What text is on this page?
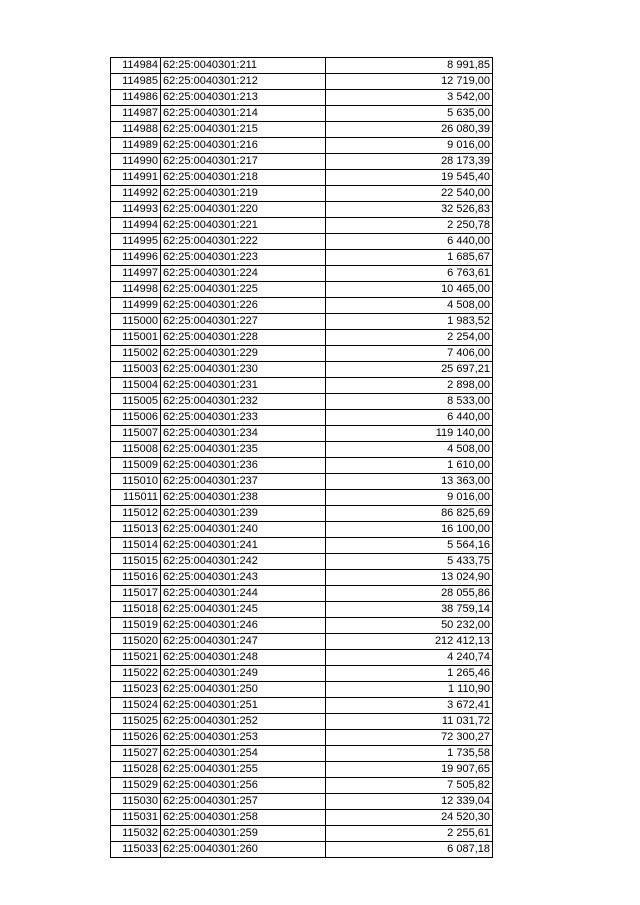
114984	62:25:0040301:211	8 991,85
114985	62:25:0040301:212	12 719,00
114986	62:25:0040301:213	3 542,00
114987	62:25:0040301:214	5 635,00
114988	62:25:0040301:215	26 080,39
114989	62:25:0040301:216	9 016,00
114990	62:25:0040301:217	28 173,39
114991	62:25:0040301:218	19 545,40
114992	62:25:0040301:219	22 540,00
114993	62:25:0040301:220	32 526,83
114994	62:25:0040301:221	2 250,78
114995	62:25:0040301:222	6 440,00
114996	62:25:0040301:223	1 685,67
114997	62:25:0040301:224	6 763,61
114998	62:25:0040301:225	10 465,00
114999	62:25:0040301:226	4 508,00
115000	62:25:0040301:227	1 983,52
115001	62:25:0040301:228	2 254,00
115002	62:25:0040301:229	7 406,00
115003	62:25:0040301:230	25 697,21
115004	62:25:0040301:231	2 898,00
115005	62:25:0040301:232	8 533,00
115006	62:25:0040301:233	6 440,00
115007	62:25:0040301:234	119 140,00
115008	62:25:0040301:235	4 508,00
115009	62:25:0040301:236	1 610,00
115010	62:25:0040301:237	13 363,00
115011	62:25:0040301:238	9 016,00
115012	62:25:0040301:239	86 825,69
115013	62:25:0040301:240	16 100,00
115014	62:25:0040301:241	5 564,16
115015	62:25:0040301:242	5 433,75
115016	62:25:0040301:243	13 024,90
115017	62:25:0040301:244	28 055,86
115018	62:25:0040301:245	38 759,14
115019	62:25:0040301:246	50 232,00
115020	62:25:0040301:247	212 412,13
115021	62:25:0040301:248	4 240,74
115022	62:25:0040301:249	1 265,46
115023	62:25:0040301:250	1 110,90
115024	62:25:0040301:251	3 672,41
115025	62:25:0040301:252	11 031,72
115026	62:25:0040301:253	72 300,27
115027	62:25:0040301:254	1 735,58
115028	62:25:0040301:255	19 907,65
115029	62:25:0040301:256	7 505,82
115030	62:25:0040301:257	12 339,04
115031	62:25:0040301:258	24 520,30
115032	62:25:0040301:259	2 255,61
115033	62:25:0040301:260	6 087,18
